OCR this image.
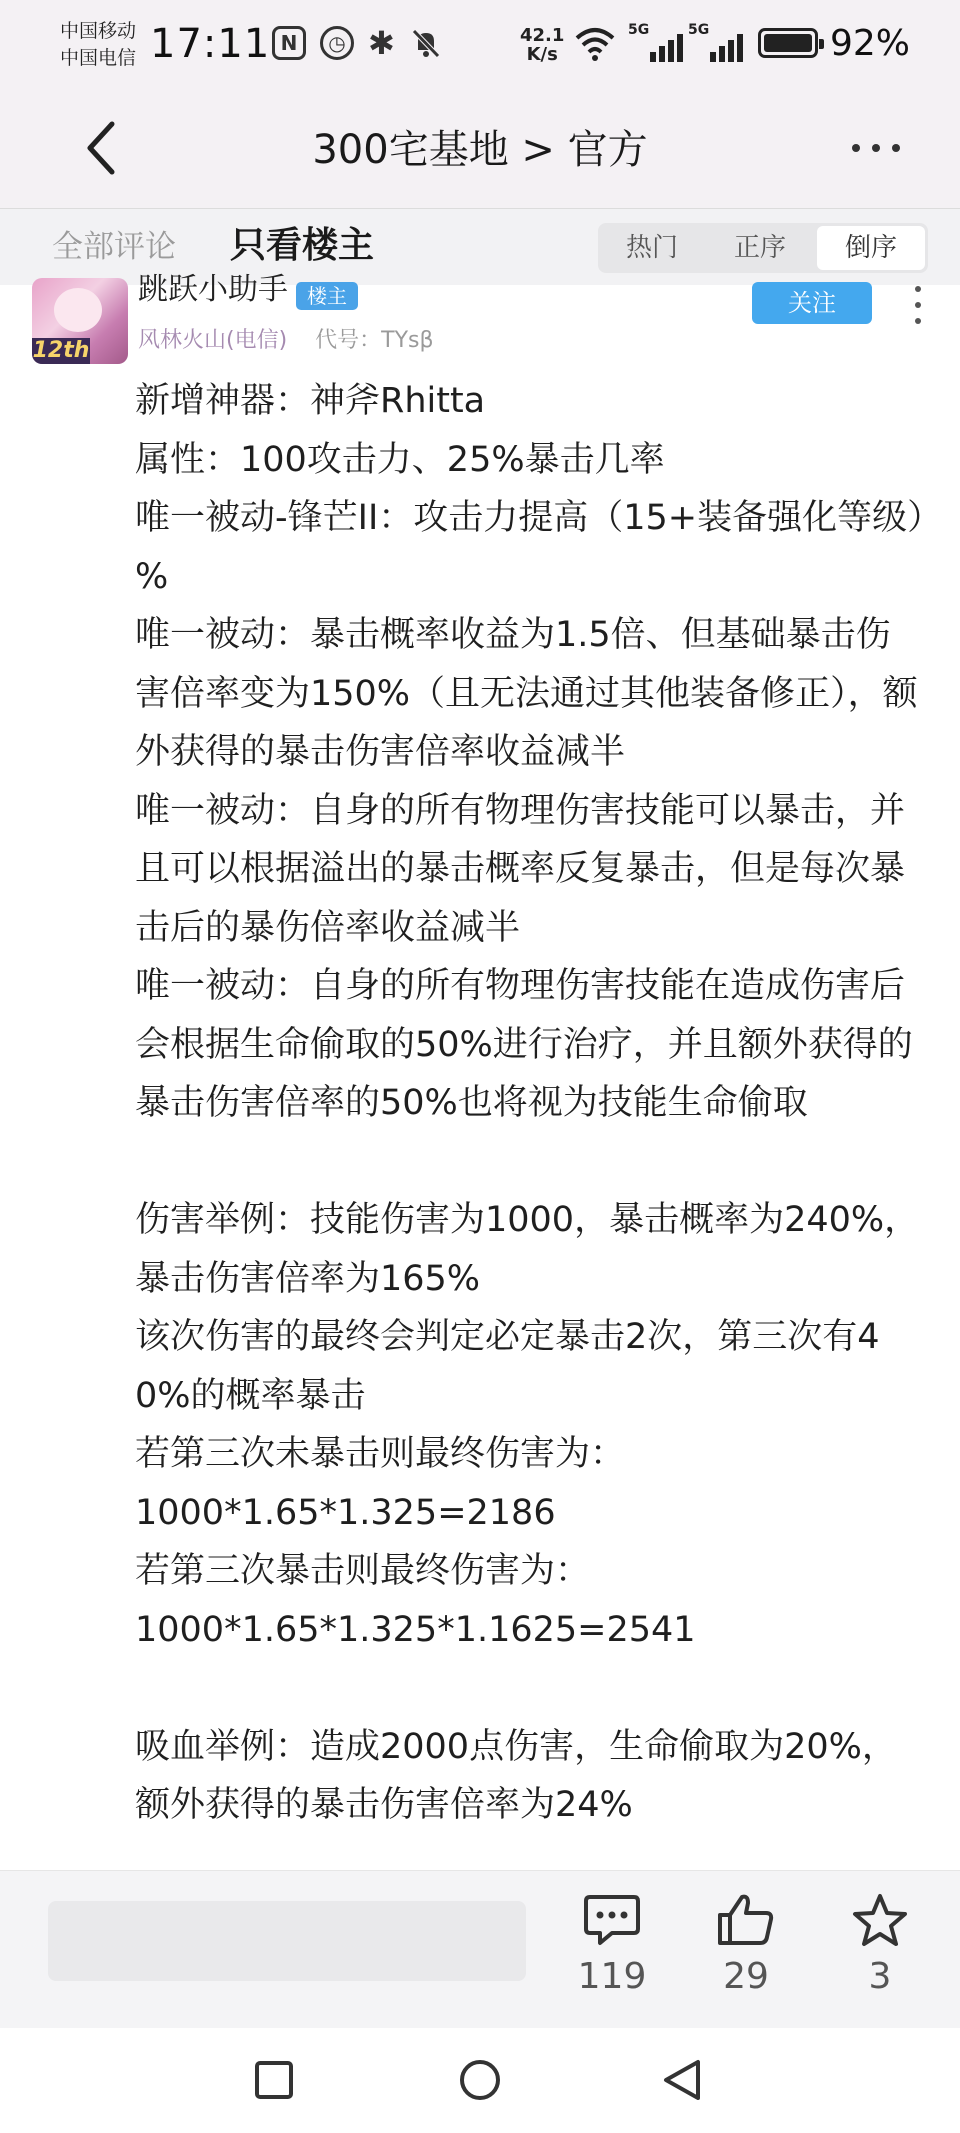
中国移动
中国电信 17:11 N	◷ ✱	42.1
K/s
5G	5G	92%
300宅基地 > 官方
全部评论 只看楼主	热门	正序	倒序
12th
跳跃小助手 楼主
风林火山(电信) 代号：TYsβ
关注

新增神器：神斧Rhitta

属性：100攻击力、25%暴击几率

唯一被动-锋芒II：攻击力提高（15+装备强化等级）%

唯一被动：暴击概率收益为1.5倍、但基础暴击伤害倍率变为150%（且无法通过其他装备修正），额外获得的暴击伤害倍率收益减半

唯一被动：自身的所有物理伤害技能可以暴击，并且可以根据溢出的暴击概率反复暴击，但是每次暴击后的暴伤倍率收益减半

唯一被动：自身的所有物理伤害技能在造成伤害后会根据生命偷取的50%进行治疗，并且额外获得的暴击伤害倍率的50%也将视为技能生命偷取

伤害举例：技能伤害为1000，暴击概率为240%，暴击伤害倍率为165%

该次伤害的最终会判定必定暴击2次，第三次有40%的概率暴击

若第三次未暴击则最终伤害为：

1000*1.65*1.325=2186

若第三次暴击则最终伤害为：

1000*1.65*1.325*1.1625=2541

吸血举例：造成2000点伤害，生命偷取为20%，额外获得的暴击伤害倍率为24%

119	29	3
